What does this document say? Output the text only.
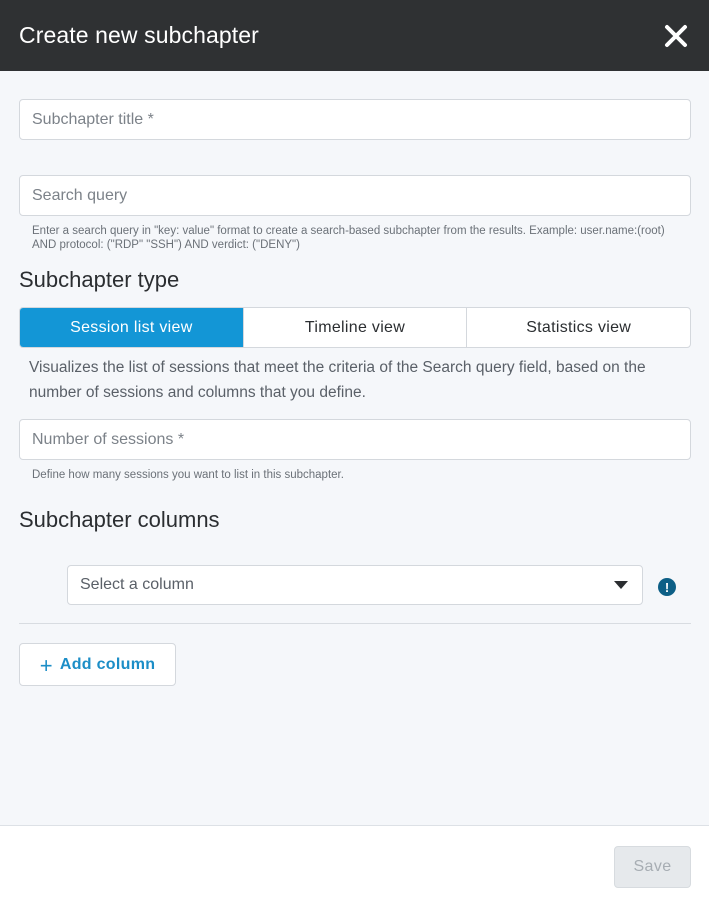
Create new subchapter
Subchapter title *
Search query
Enter a search query in "key: value" format to create a search-based subchapter from the results. Example: user.name:(root) AND protocol: ("RDP" "SSH") AND verdict: ("DENY")
Subchapter type
Session list view	Timeline view	Statistics view
Visualizes the list of sessions that meet the criteria of the Search query field, based on the number of sessions and columns that you define.
Number of sessions *
Define how many sessions you want to list in this subchapter.
Subchapter columns
Select a column	!
+ Add column
Save
